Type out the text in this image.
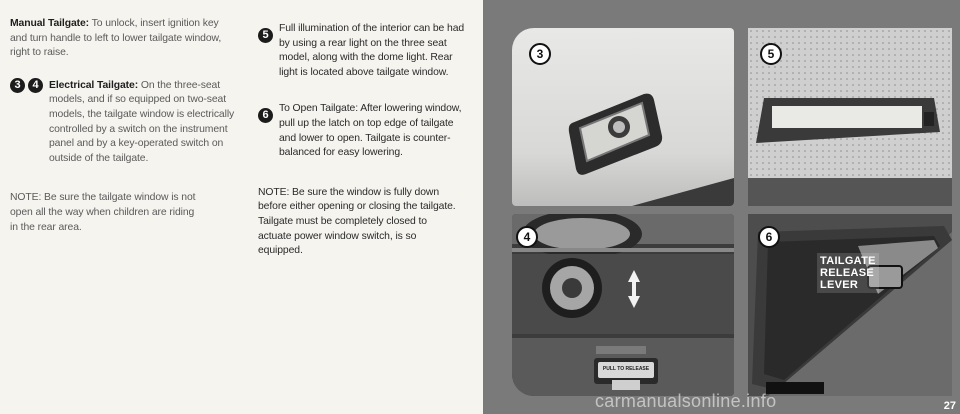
Manual Tailgate: To unlock, insert ignition key and turn handle to left to lower tailgate window, right to raise.

3	4	Electrical Tailgate: On the three-seat models, and if so equipped on two-seat models, the tailgate window is electrically controlled by a switch on the instrument panel and by a key-operated switch on outside of the tailgate.

NOTE: Be sure the tailgate window is not open all the way when children are riding in the rear area.

5

Full illumination of the interior can be had by using a rear light on the three seat model, along with the dome light. Rear light is located above tailgate window.

6

To Open Tailgate: After lowering window, pull up the latch on top edge of tailgate and lower to open. Tailgate is counter-balanced for easy lowering.

NOTE: Be sure the window is fully down before either opening or closing the tailgate. Tailgate must be completely closed to actuate power window switch, is so equipped.

3	5
PULL TO RELEASE
4
TAILGATE
RELEASE
LEVER
6
carmanualsonline.info	27
